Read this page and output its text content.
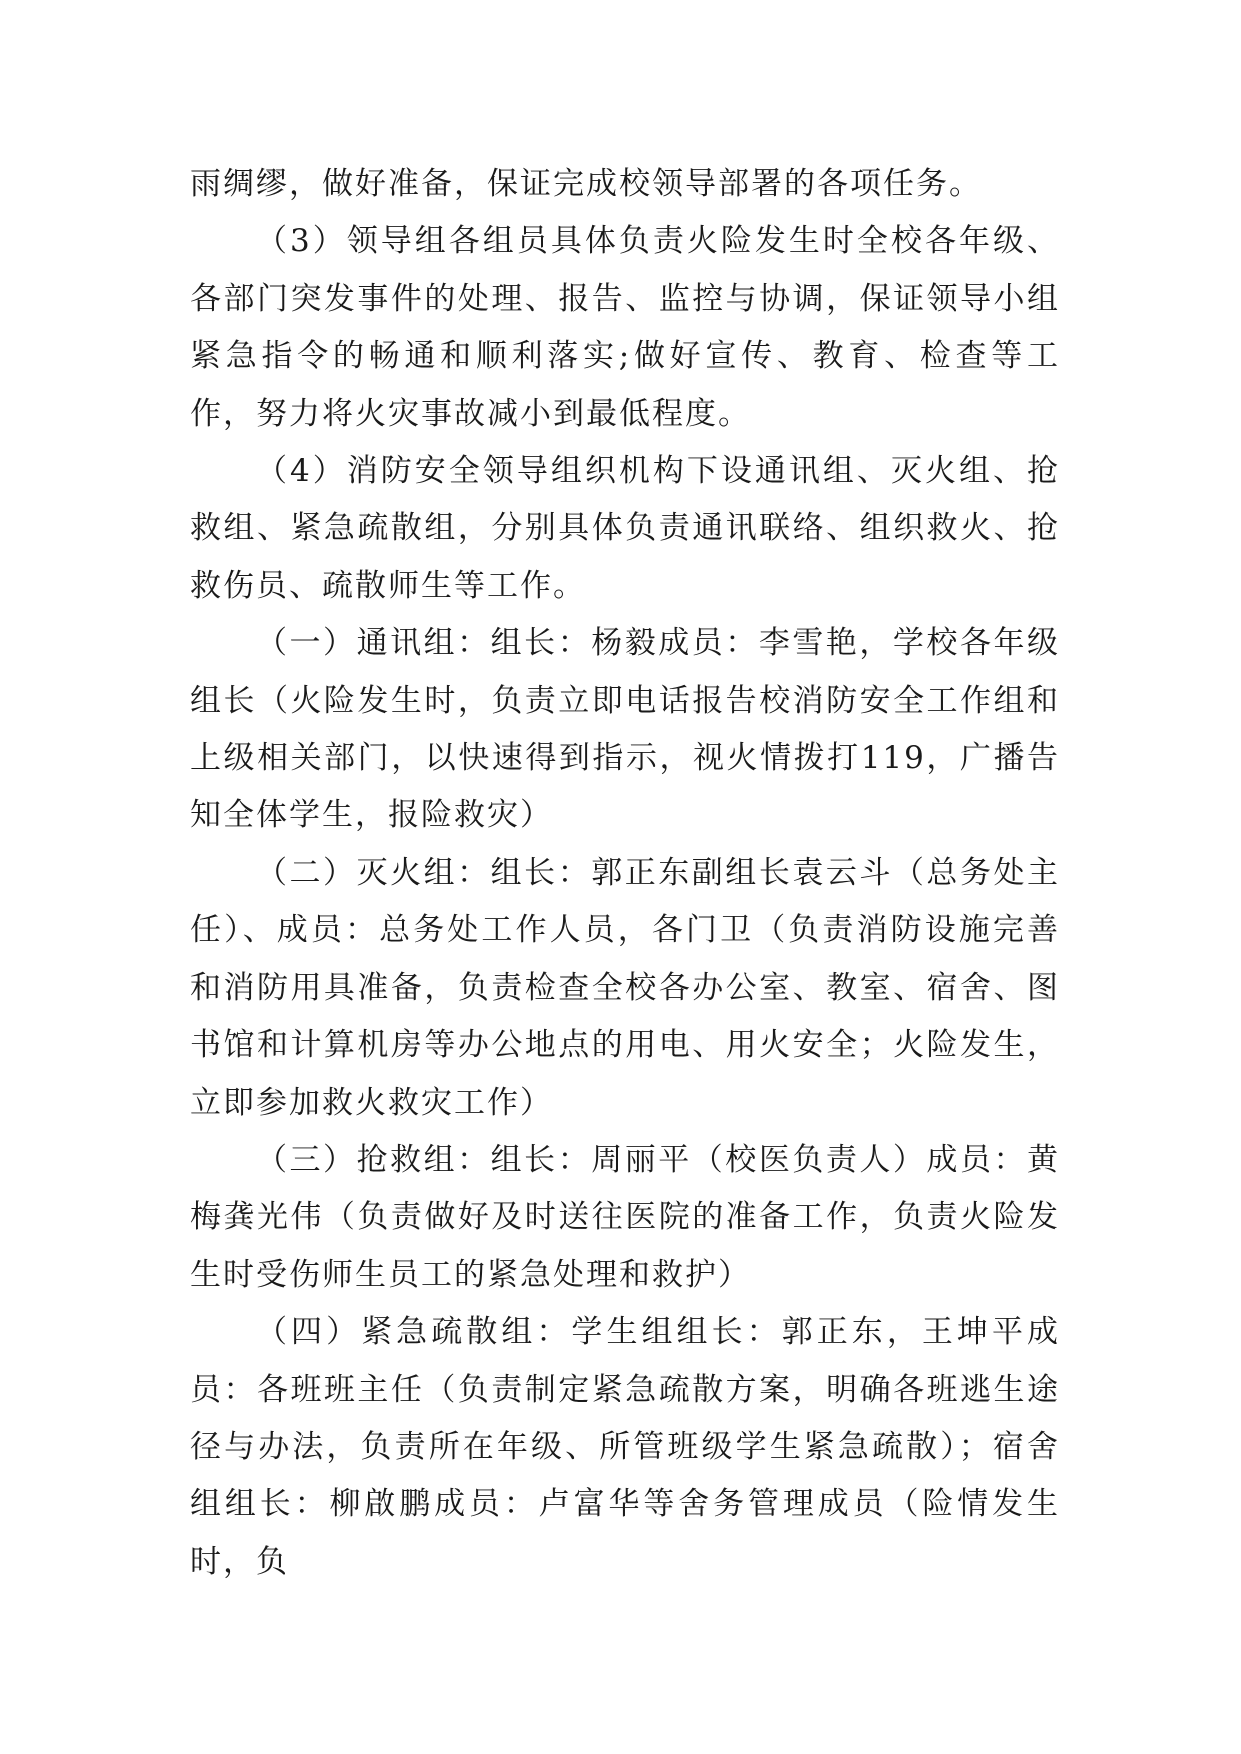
雨绸缪，做好准备，保证完成校领导部署的各项任务。

（3）领导组各组员具体负责火险发生时全校各年级、各部门突发事件的处理、报告、监控与协调，保证领导小组紧急指令的畅通和顺利落实;做好宣传、教育、检查等工作，努力将火灾事故减小到最低程度。

（4）消防安全领导组织机构下设通讯组、灭火组、抢救组、紧急疏散组，分别具体负责通讯联络、组织救火、抢救伤员、疏散师生等工作。

（一）通讯组：组长：杨毅成员：李雪艳，学校各年级组长（火险发生时，负责立即电话报告校消防安全工作组和上级相关部门，以快速得到指示，视火情拨打119，广播告知全体学生，报险救灾）

（二）灭火组：组长：郭正东副组长袁云斗（总务处主任）、成员：总务处工作人员，各门卫（负责消防设施完善和消防用具准备，负责检查全校各办公室、教室、宿舍、图书馆和计算机房等办公地点的用电、用火安全；火险发生，立即参加救火救灾工作）

（三）抢救组：组长：周丽平（校医负责人）成员：黄梅龚光伟（负责做好及时送往医院的准备工作，负责火险发生时受伤师生员工的紧急处理和救护）

（四）紧急疏散组：学生组组长：郭正东，王坤平成员：各班班主任（负责制定紧急疏散方案，明确各班逃生途径与办法，负责所在年级、所管班级学生紧急疏散）；宿舍组组长：柳啟鹏成员：卢富华等舍务管理成员（险情发生时，负
